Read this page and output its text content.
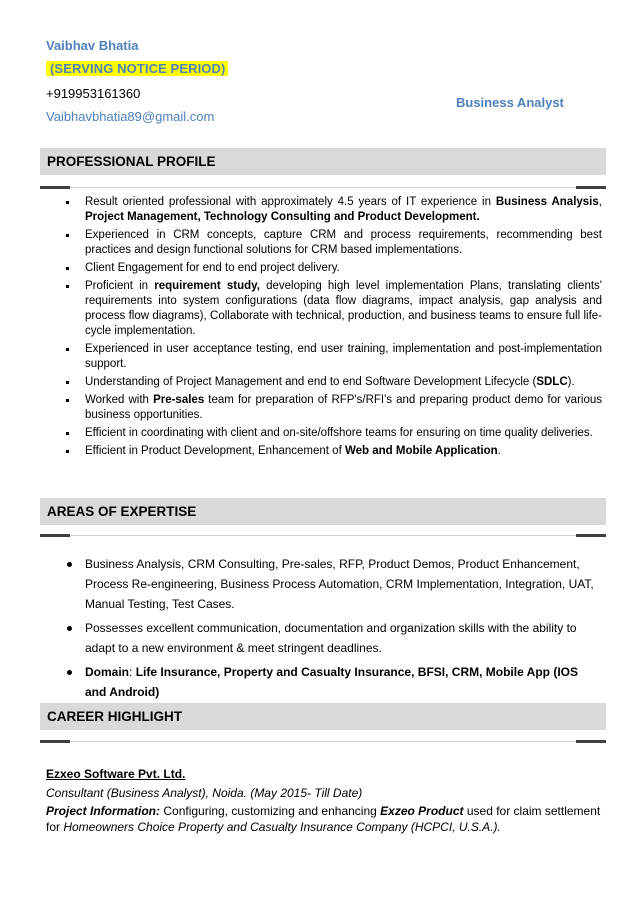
Vaibhav Bhatia
(SERVING NOTICE PERIOD)
+919953161360
Vaibhavbhatia89@gmail.com
Business Analyst
PROFESSIONAL PROFILE
Result oriented professional with approximately 4.5 years of IT experience in Business Analysis, Project Management, Technology Consulting and Product Development.
Experienced in CRM concepts, capture CRM and process requirements, recommending best practices and design functional solutions for CRM based implementations.
Client Engagement for end to end project delivery.
Proficient in requirement study, developing high level implementation Plans, translating clients' requirements into system configurations (data flow diagrams, impact analysis, gap analysis and process flow diagrams), Collaborate with technical, production, and business teams to ensure full life-cycle implementation.
Experienced in user acceptance testing, end user training, implementation and post-implementation support.
Understanding of Project Management and end to end Software Development Lifecycle (SDLC).
Worked with Pre-sales team for preparation of RFP's/RFI's and preparing product demo for various business opportunities.
Efficient in coordinating with client and on-site/offshore teams for ensuring on time quality deliveries.
Efficient in Product Development, Enhancement of Web and Mobile Application.
AREAS OF EXPERTISE
Business Analysis, CRM Consulting, Pre-sales, RFP, Product Demos, Product Enhancement, Process Re-engineering, Business Process Automation, CRM Implementation, Integration, UAT, Manual Testing, Test Cases.
Possesses excellent communication, documentation and organization skills with the ability to adapt to a new environment & meet stringent deadlines.
Domain: Life Insurance, Property and Casualty Insurance, BFSI, CRM, Mobile App (IOS and Android)
CAREER HIGHLIGHT
Ezxeo Software Pvt. Ltd.
Consultant (Business Analyst), Noida. (May 2015- Till Date)
Project Information: Configuring, customizing and enhancing Exzeo Product used for claim settlement for Homeowners Choice Property and Casualty Insurance Company (HCPCI, U.S.A.).
